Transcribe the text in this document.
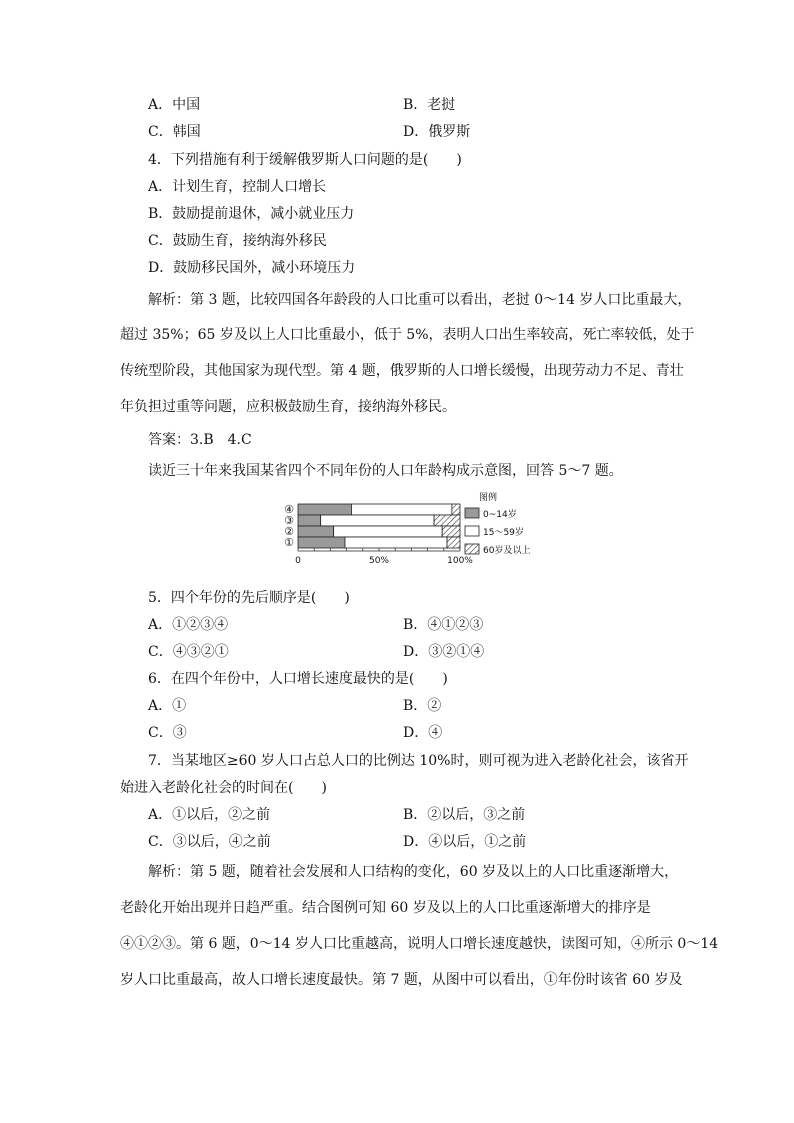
A．中国	B．老挝
C．韩国	D．俄罗斯
4．下列措施有利于缓解俄罗斯人口问题的是(　　)
A．计划生育，控制人口增长
B．鼓励提前退休，减小就业压力
C．鼓励生育，接纳海外移民
D．鼓励移民国外，减小环境压力
解析：第 3 题，比较四国各年龄段的人口比重可以看出，老挝 0～14 岁人口比重最大，
超过 35%；65 岁及以上人口比重最小，低于 5%，表明人口出生率较高，死亡率较低，处于
传统型阶段，其他国家为现代型。第 4 题，俄罗斯的人口增长缓慢，出现劳动力不足、青壮
年负担过重等问题，应积极鼓励生育，接纳海外移民。
答案：3.B　4.C
读近三十年来我国某省四个不同年份的人口年龄构成示意图，回答 5～7 题。
④
③
②
①
0	50%	100%
图例
0~14岁
15～59岁
60岁及以上
5．四个年份的先后顺序是(　　)
A．①②③④	B．④①②③
C．④③②①	D．③②①④
6．在四个年份中，人口增长速度最快的是(　　)
A．①	B．②
C．③	D．④
7．当某地区≥60 岁人口占总人口的比例达 10%时，则可视为进入老龄化社会，该省开
始进入老龄化社会的时间在(　　)
A．①以后，②之前	B．②以后，③之前
C．③以后，④之前	D．④以后，①之前
解析：第 5 题，随着社会发展和人口结构的变化，60 岁及以上的人口比重逐渐增大，
老龄化开始出现并日趋严重。结合图例可知 60 岁及以上的人口比重逐渐增大的排序是
④①②③。第 6 题，0～14 岁人口比重越高，说明人口增长速度越快，读图可知，④所示 0～14
岁人口比重最高，故人口增长速度最快。第 7 题，从图中可以看出，①年份时该省 60 岁及
